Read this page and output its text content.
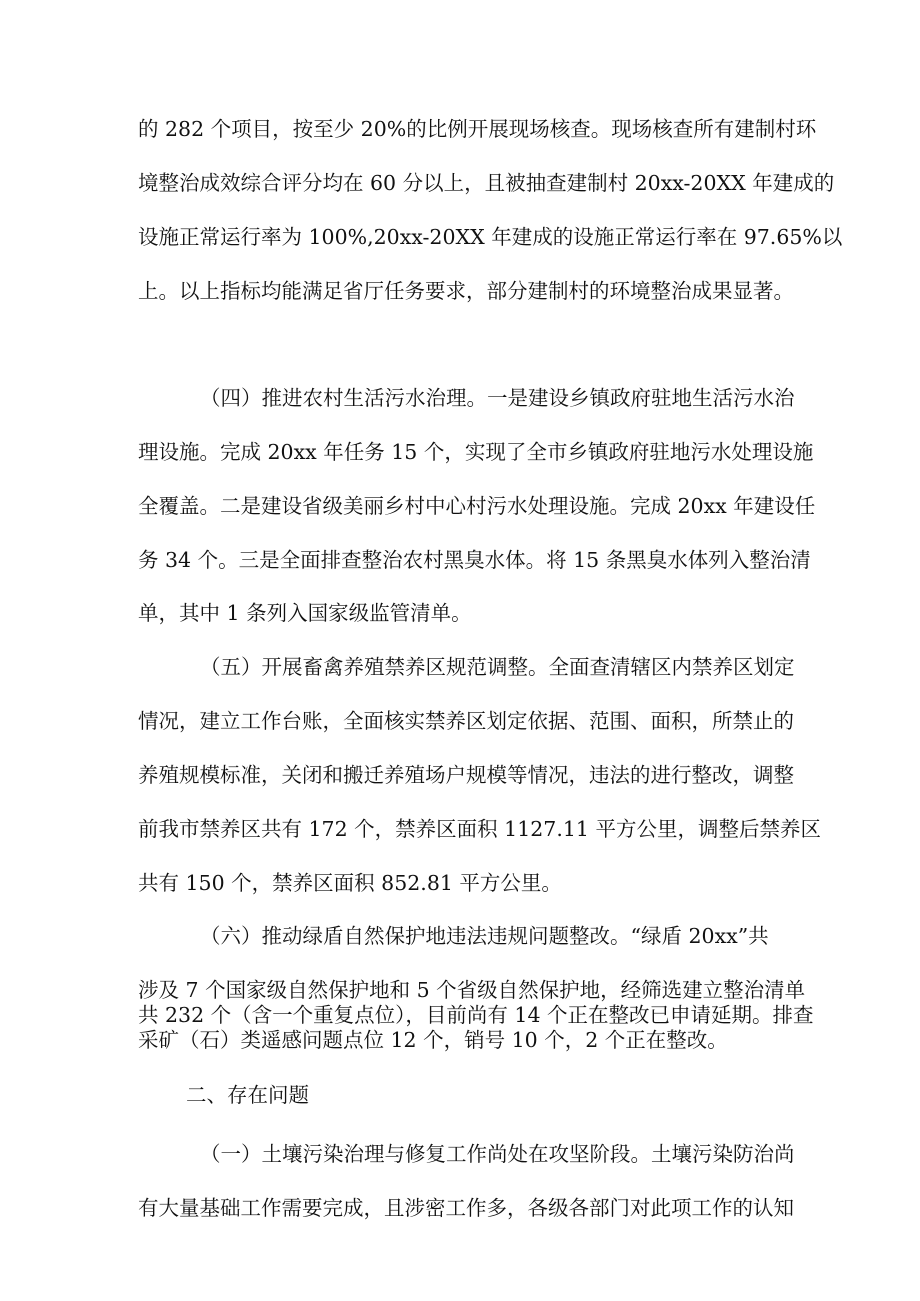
的 282 个项目，按至少 20%的比例开展现场核查。现场核查所有建制村环
境整治成效综合评分均在 60 分以上，且被抽查建制村 20xx-20XX 年建成的
设施正常运行率为 100%,20xx-20XX 年建成的设施正常运行率在 97.65%以
上。以上指标均能满足省厅任务要求，部分建制村的环境整治成果显著。
（四）推进农村生活污水治理。一是建设乡镇政府驻地生活污水治
理设施。完成 20xx 年任务 15 个，实现了全市乡镇政府驻地污水处理设施
全覆盖。二是建设省级美丽乡村中心村污水处理设施。完成 20xx 年建设任
务 34 个。三是全面排查整治农村黑臭水体。将 15 条黑臭水体列入整治清
单，其中 1 条列入国家级监管清单。
（五）开展畜禽养殖禁养区规范调整。全面查清辖区内禁养区划定
情况，建立工作台账，全面核实禁养区划定依据、范围、面积，所禁止的
养殖规模标准，关闭和搬迁养殖场户规模等情况，违法的进行整改，调整
前我市禁养区共有 172 个，禁养区面积 1127.11 平方公里，调整后禁养区
共有 150 个，禁养区面积 852.81 平方公里。
（六）推动绿盾自然保护地违法违规问题整改。“绿盾 20xx”共
涉及 7 个国家级自然保护地和 5 个省级自然保护地，经筛选建立整治清单
共 232 个（含一个重复点位），目前尚有 14 个正在整改已申请延期。排查
采矿（石）类遥感问题点位 12 个，销号 10 个，2 个正在整改。
二、存在问题
（一）土壤污染治理与修复工作尚处在攻坚阶段。土壤污染防治尚
有大量基础工作需要完成，且涉密工作多，各级各部门对此项工作的认知
